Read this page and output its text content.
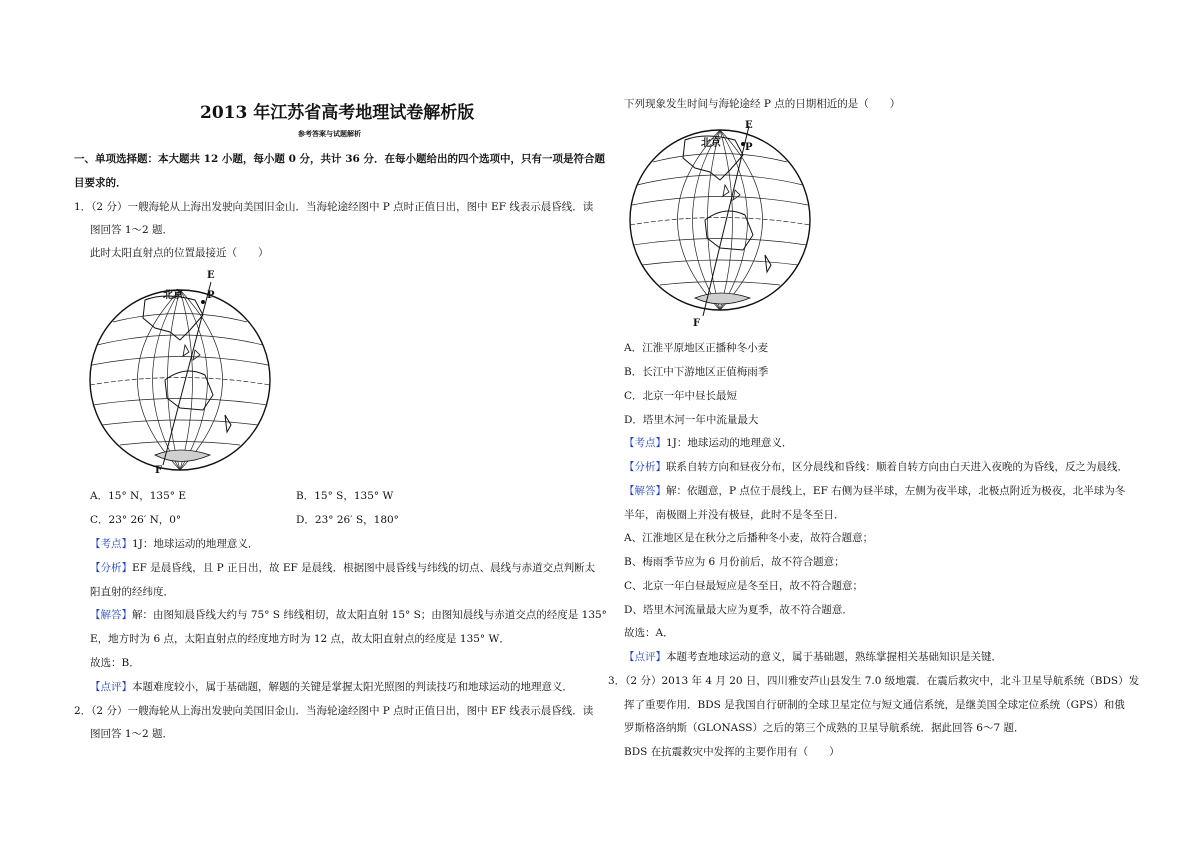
2013 年江苏省高考地理试卷解析版
参考答案与试题解析
一、单项选择题：本大题共 12 小题，每小题 0 分，共计 36 分．在每小题给出的四个选项中，只有一项是符合题
目要求的．
1．（2 分）一艘海轮从上海出发驶向美国旧金山．当海轮途经图中 P 点时正值日出，图中 EF 线表示晨昏线．读
图回答 1～2 题．
此时太阳直射点的位置最接近（　　）
E
P
北京
F
A．15° N，135° E	B．15° S，135° W
C．23° 26′ N，0°	D．23° 26′ S，180°
【考点】1J：地球运动的地理意义．
【分析】EF 是晨昏线，且 P 正日出，故 EF 是晨线．根据图中晨昏线与纬线的切点、晨线与赤道交点判断太
阳直射的经纬度．
【解答】解：由图知晨昏线大约与 75° S 纬线相切，故太阳直射 15° S；由图知晨线与赤道交点的经度是 135°
E，地方时为 6 点，太阳直射点的经度地方时为 12 点，故太阳直射点的经度是 135° W．
故选：B．
【点评】本题难度较小，属于基础题，解题的关键是掌握太阳光照图的判读技巧和地球运动的地理意义．
2．（2 分）一艘海轮从上海出发驶向美国旧金山．当海轮途经图中 P 点时正值日出，图中 EF 线表示晨昏线．读
图回答 1～2 题．
下列现象发生时间与海轮途经 P 点的日期相近的是（　　）
E
P
北京
F
A．江淮平原地区正播种冬小麦
B．长江中下游地区正值梅雨季
C．北京一年中昼长最短
D．塔里木河一年中流量最大
【考点】1J：地球运动的地理意义．
【分析】联系自转方向和昼夜分布，区分晨线和昏线：顺着自转方向由白天进入夜晚的为昏线，反之为晨线．
【解答】解：依题意，P 点位于晨线上，EF 右侧为昼半球，左侧为夜半球，北极点附近为极夜，北半球为冬
半年，南极圈上并没有极昼，此时不是冬至日．
A、江淮地区是在秋分之后播种冬小麦，故符合题意；
B、梅雨季节应为 6 月份前后，故不符合题意；
C、北京一年白昼最短应是冬至日，故不符合题意；
D、塔里木河流量最大应为夏季，故不符合题意．
故选：A．
【点评】本题考查地球运动的意义，属于基础题，熟练掌握相关基础知识是关键．
3．（2 分）2013 年 4 月 20 日，四川雅安芦山县发生 7.0 级地震．在震后救灾中，北斗卫星导航系统（BDS）发
挥了重要作用．BDS 是我国自行研制的全球卫星定位与短文通信系统，是继美国全球定位系统（GPS）和俄
罗斯格洛纳斯（GLONASS）之后的第三个成熟的卫星导航系统．据此回答 6～7 题．
BDS 在抗震救灾中发挥的主要作用有（　　）
